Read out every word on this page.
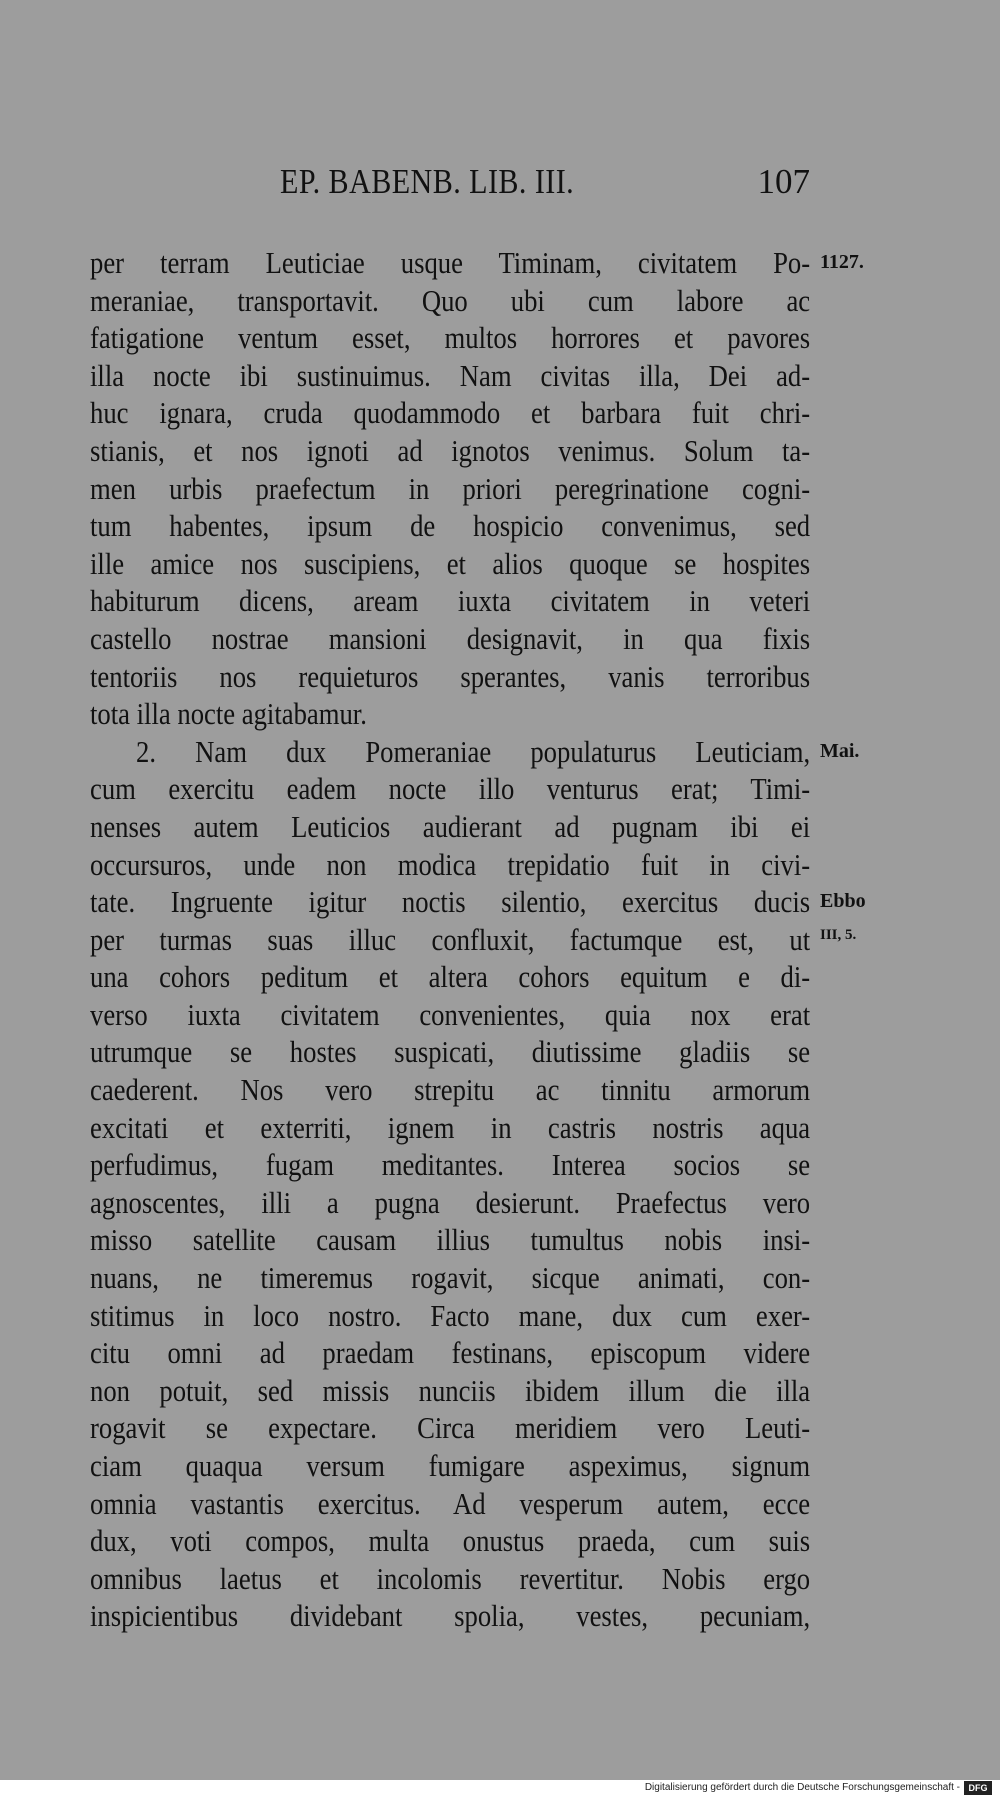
EP. BABENB. LIB. III.	107
per terram Leuticiae usque Timinam, civitatem Po- 1127.
meraniae, transportavit. Quo ubi cum labore ac
fatigatione ventum esset, multos horrores et pavores
illa nocte ibi sustinuimus. Nam civitas illa, Dei ad-
huc ignara, cruda quodammodo et barbara fuit chri-
stianis, et nos ignoti ad ignotos venimus. Solum ta-
men urbis praefectum in priori peregrinatione cogni-
tum habentes, ipsum de hospicio convenimus, sed
ille amice nos suscipiens, et alios quoque se hospites
habiturum dicens, aream iuxta civitatem in veteri
castello nostrae mansioni designavit, in qua fixis
tentoriis nos requieturos sperantes, vanis terroribus
tota illa nocte agitabamur.
2. Nam dux Pomeraniae populaturus Leuticiam, Mai.
cum exercitu eadem nocte illo venturus erat; Timi-
nenses autem Leuticios audierant ad pugnam ibi ei
occursuros, unde non modica trepidatio fuit in civi-
tate. Ingruente igitur noctis silentio, exercitus ducis Ebbo
per turmas suas illuc confluxit, factumque est, ut III, 5.
una cohors peditum et altera cohors equitum e di-
verso iuxta civitatem convenientes, quia nox erat
utrumque se hostes suspicati, diutissime gladiis se
caederent. Nos vero strepitu ac tinnitu armorum
excitati et exterriti, ignem in castris nostris aqua
perfudimus, fugam meditantes. Interea socios se
agnoscentes, illi a pugna desierunt. Praefectus vero
misso satellite causam illius tumultus nobis insi-
nuans, ne timeremus rogavit, sicque animati, con-
stitimus in loco nostro. Facto mane, dux cum exer-
citu omni ad praedam festinans, episcopum videre
non potuit, sed missis nunciis ibidem illum die illa
rogavit se expectare. Circa meridiem vero Leuti-
ciam quaqua versum fumigare aspeximus, signum
omnia vastantis exercitus. Ad vesperum autem, ecce
dux, voti compos, multa onustus praeda, cum suis
omnibus laetus et incolomis revertitur. Nobis ergo
inspicientibus dividebant spolia, vestes, pecuniam,
Digitalisierung gefördert durch die Deutsche Forschungsgemeinschaft - DFG
